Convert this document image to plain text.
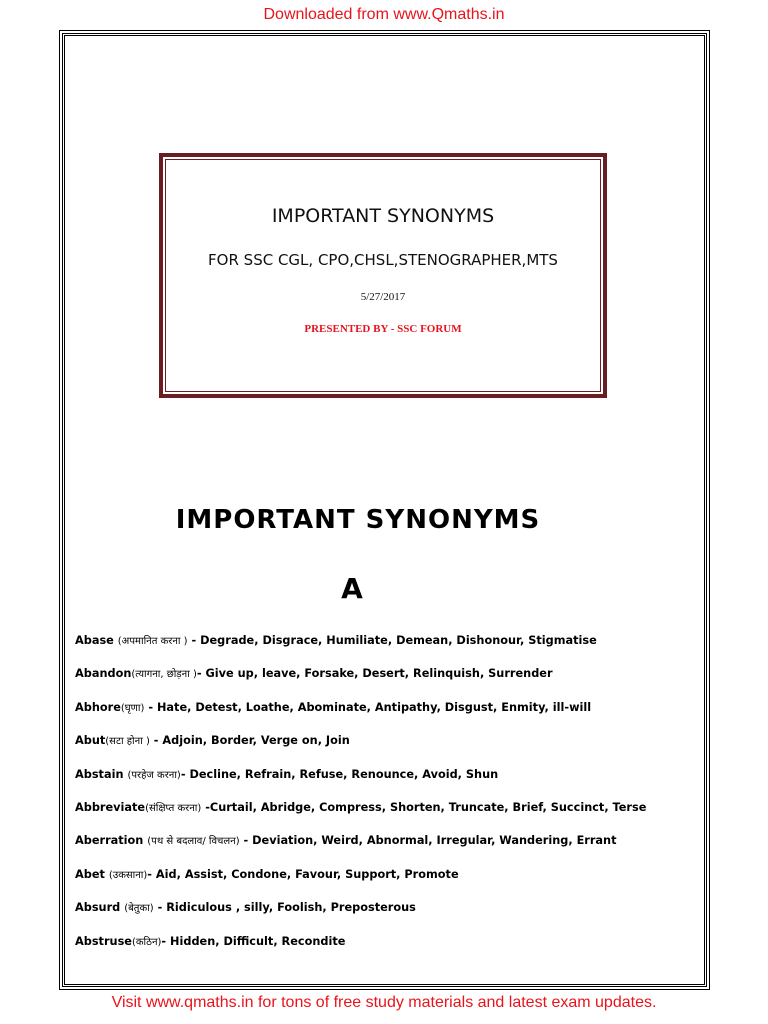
Downloaded from www.Qmaths.in
IMPORTANT SYNONYMS
FOR SSC CGL, CPO,CHSL,STENOGRAPHER,MTS
5/27/2017
PRESENTED BY - SSC FORUM
IMPORTANT SYNONYMS
A
Abase (अपमानित करना ) - Degrade, Disgrace, Humiliate, Demean, Dishonour, Stigmatise
Abandon(त्यागना, छोड़ना )- Give up, leave, Forsake, Desert, Relinquish, Surrender
Abhore(घृणा) - Hate, Detest, Loathe, Abominate, Antipathy, Disgust, Enmity, ill-will
Abut(सटा होना ) - Adjoin, Border, Verge on, Join
Abstain (परहेज करना)- Decline, Refrain, Refuse, Renounce, Avoid, Shun
Abbreviate(संक्षिप्त करना) -Curtail, Abridge, Compress, Shorten, Truncate, Brief, Succinct, Terse
Aberration (पथ से बदलाव/ विचलन) - Deviation, Weird, Abnormal, Irregular, Wandering, Errant
Abet (उकसाना)- Aid, Assist, Condone, Favour, Support, Promote
Absurd (बेतुका) - Ridiculous , silly, Foolish, Preposterous
Abstruse(कठिन)- Hidden, Difficult, Recondite
Visit www.qmaths.in for tons of free study materials and latest exam updates.
